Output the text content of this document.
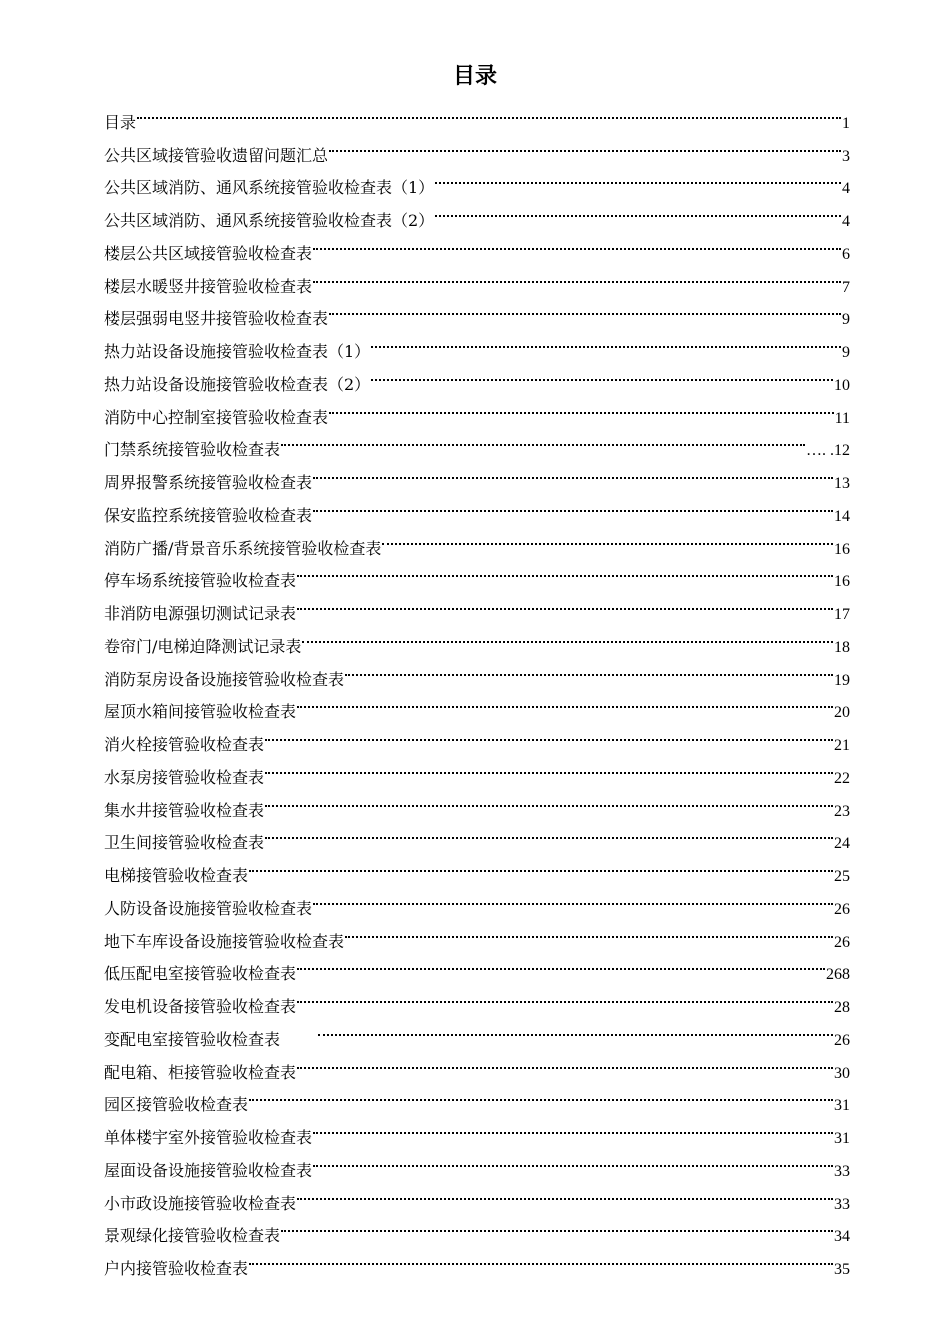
目录
目录	1
公共区域接管验收遗留问题汇总	3
公共区域消防、通风系统接管验收检查表（1）	4
公共区域消防、通风系统接管验收检查表（2）	4
楼层公共区域接管验收检查表	6
楼层水暖竖井接管验收检查表	7
楼层强弱电竖井接管验收检查表	9
热力站设备设施接管验收检查表（1）	9
热力站设备设施接管验收检查表（2）	10
消防中心控制室接管验收检查表	11
门禁系统接管验收检查表	…. .12
周界报警系统接管验收检查表	13
保安监控系统接管验收检查表	14
消防广播/背景音乐系统接管验收检查表	16
停车场系统接管验收检查表	16
非消防电源强切测试记录表	17
卷帘门/电梯迫降测试记录表	18
消防泵房设备设施接管验收检查表	19
屋顶水箱间接管验收检查表	20
消火栓接管验收检查表	21
水泵房接管验收检查表	22
集水井接管验收检查表	23
卫生间接管验收检查表	24
电梯接管验收检查表	25
人防设备设施接管验收检查表	26
地下车库设备设施接管验收检查表	26
低压配电室接管验收检查表	268
发电机设备接管验收检查表	28
变配电室接管验收检查表	26
配电箱、柜接管验收检查表	30
园区接管验收检查表	31
单体楼宇室外接管验收检查表	31
屋面设备设施接管验收检查表	33
小市政设施接管验收检查表	33
景观绿化接管验收检查表	34
户内接管验收检查表	35
